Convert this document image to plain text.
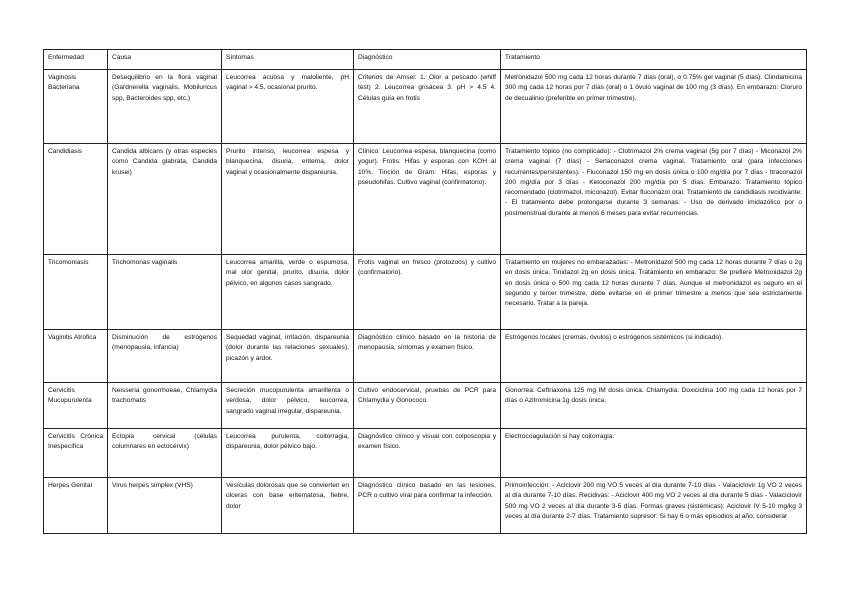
Enfermedad	Causa	Síntomas	Diagnóstico	Tratamiento
Vaginosis Bacteriana	Desequilibrio en la flora vaginal (Gardnerella vaginalis, Mobiluncus spp, Bacteroides spp, etc.)	Leucorrea acuosa y maloliente, pH vaginal > 4.5, ocasional prurito.	Criterios de Amsel: 1. Olor a pescado (whiff test) 2. Leucorrea grisácea 3. pH > 4.5 4. Células guía en frotis	Metronidazol 500 mg cada 12 horas durante 7 días (oral), o 0.75% gel vaginal (5 días). Clindamicina 300 mg cada 12 horas por 7 días (oral) o 1 óvulo vaginal de 100 mg (3 días). En embarazo: Cloruro de decualinio (preferible en primer trimestre).
Candidiasis	Candida albicans (y otras especies como Candida glabrata, Candida krusei)	Prurito intenso, leucorrea espesa y blanquecina, disuria, eritema, dolor vaginal y ocasionalmente dispareunia.	Clínico: Leucorrea espesa, blanquecina (como yogur). Frotis: Hifas y esporas con KOH al 10%. Tinción de Gram: Hifas, esporas y pseudohifas. Cultivo vaginal (confirmatorio).	Tratamiento tópico (no complicado): - Clotrimazol 2% crema vaginal (5g por 7 días) - Miconazol 2% crema vaginal (7 días) - Sertaconazol crema vaginal. Tratamiento oral (para infecciones recurrentes/persistentes): - Fluconazol 150 mg en dosis única o 100 mg/día por 7 días - Itraconazol 200 mg/día por 3 días - Ketoconazol 200 mg/día por 5 días. Embarazo: Tratamiento tópico recomendado (clotrimazol, miconazol). Evitar fluconazol oral. Tratamiento de candidiasis recidivante: - El tratamiento debe prolongarse durante 3 semanas. - Uso de derivado imidazólico por o postmenstrual durante al menos 6 meses para evitar recurrencias.
Tricomoniasis	Trichomonas vaginalis	Leucorrea amarilla, verde o espumosa, mal olor genital, prurito, disuria, dolor pélvico, en algunos casos sangrado.	Frotis vaginal en fresco (protozoos) y cultivo (confirmatorio).	Tratamiento en mujeres no embarazadas: - Metronidazol 500 mg cada 12 horas durante 7 días o 2g en dosis única. Tinidazol 2g en dosis única. Tratamiento en embarazo: Se prefiere Metronidazol 2g en dosis única o 500 mg cada 12 horas durante 7 días. Aunque el metronidazol es seguro en el segundo y tercer trimestre, debe evitarse en el primer trimestre a menos que sea estrictamente necesario. Tratar a la pareja.
Vaginitis Atrofica	Disminución de estrógenos (menopausia, infancia)	Sequedad vaginal, irritación, dispareunia (dolor durante las relaciones sexuales), picazón y ardor.	Diagnóstico clínico basado en la historia de menopausia, síntomas y examen físico.	Estrógenos locales (cremas, óvulos) o estrógenos sistémicos (si indicado).
Cervicitis Mucopurulenta	Neisseria gonorrhoeae, Chlamydia trachomatis	Secreción mucopurulenta amarillenta o verdosa, dolor pélvico, leucorrea, sangrado vaginal irregular, dispareunia.	Cultivo endocervical, pruebas de PCR para Chlamydia y Gonococo.	Gonorrea: Ceftriaxona 125 mg IM dosis única. Chlamydia: Doxiciclina 100 mg cada 12 horas por 7 días o Azitromicina 1g dosis única.
Cervicitis Crónica Inespecífica	Ectopia cervical (células columnares en ectocérvix)	Leucorrea purulenta, coitorragia, dispareunia, dolor pélvico bajo.	Diagnóstico clínico y visual con colposcopia y examen físico.	Electrocoagulación si hay coitorragia.
Herpes Genital	Virus herpes simplex (VHS)	Vesículas dolorosas que se convierten en úlceras con base eritematosa, fiebre, dolor	Diagnóstico clínico basado en las lesiones, PCR o cultivo viral para confirmar la infección.	Primoinfección: - Aciclovir 200 mg VO 5 veces al día durante 7-10 días - Valaciclovir 1g VO 2 veces al día durante 7-10 días. Recidivas: - Aciclovir 400 mg VO 2 veces al día durante 5 días - Valaciclovir 500 mg VO 2 veces al día durante 3-5 días. Formas graves (sistémicas): Aciclovir IV 5-10 mg/kg 3 veces al día durante 2-7 días. Tratamiento supresor: Si hay 6 o más episodios al año, considerar
